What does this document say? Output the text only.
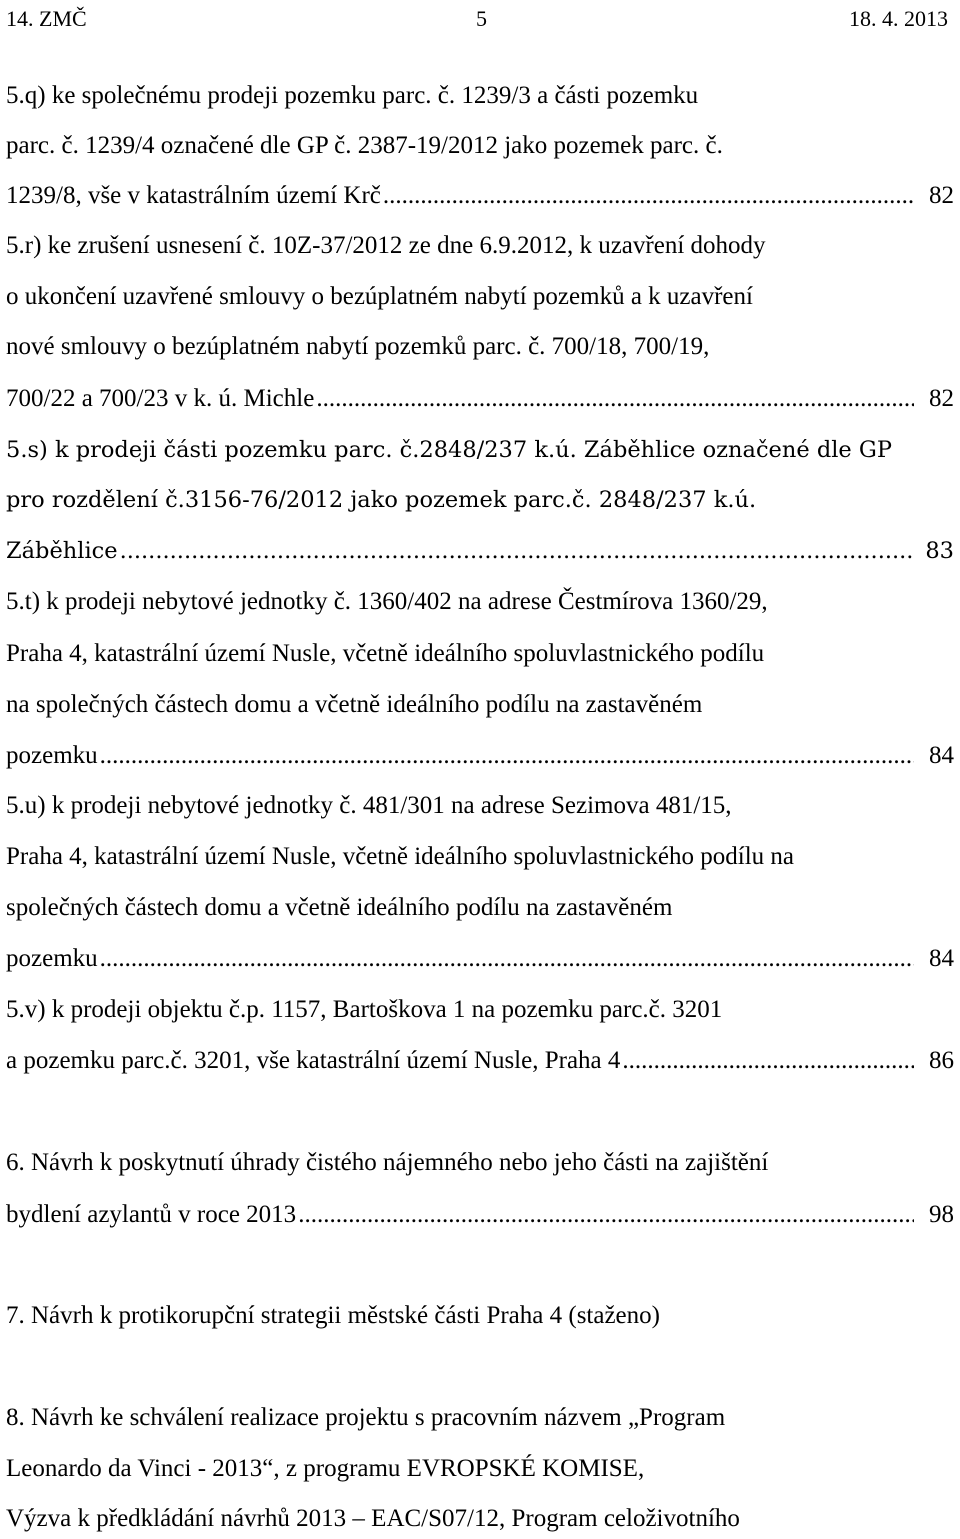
14. ZMČ	5	18. 4. 2013
5.q) ke společnému prodeji pozemku parc. č. 1239/3 a části pozemku
parc. č. 1239/4 označené dle GP č. 2387-19/2012 jako pozemek parc. č.
1239/8, vše v katastrálním území Krč .....	82
5.r) ke zrušení usnesení č. 10Z-37/2012 ze dne 6.9.2012, k uzavření dohody
o ukončení uzavřené smlouvy o bezúplatném nabytí pozemků a k uzavření
nové smlouvy o bezúplatném nabytí pozemků parc. č. 700/18, 700/19,
700/22 a 700/23 v k. ú. Michle .....	82
5.s) k prodeji části pozemku parc. č.2848/237 k.ú. Záběhlice označené dle GP
pro rozdělení č.3156-76/2012 jako pozemek parc.č. 2848/237 k.ú.
Záběhlice .....	83
5.t) k prodeji nebytové jednotky č. 1360/402 na adrese Čestmírova 1360/29,
Praha 4, katastrální území Nusle, včetně ideálního spoluvlastnického podílu
na společných částech domu a včetně ideálního podílu na zastavěném
pozemku .....	84
5.u) k prodeji nebytové jednotky č. 481/301 na adrese Sezimova 481/15,
Praha 4, katastrální území Nusle, včetně ideálního spoluvlastnického podílu na
společných částech domu a včetně ideálního podílu na zastavěném
pozemku .....	84
5.v) k prodeji objektu č.p. 1157, Bartoškova 1 na pozemku parc.č. 3201
a pozemku parc.č. 3201, vše katastrální území Nusle, Praha 4 .....	86
6. Návrh k poskytnutí úhrady čistého nájemného nebo jeho části na zajištění
bydlení azylantů v roce 2013 .....	98
7. Návrh k protikorupční strategii městské části Praha 4 (staženo)
8. Návrh ke schválení realizace projektu s pracovním názvem „Program
Leonardo da Vinci - 2013“, z programu EVROPSKÉ KOMISE,
Výzva k předkládání návrhů 2013 – EAC/S07/12, Program celoživotního
